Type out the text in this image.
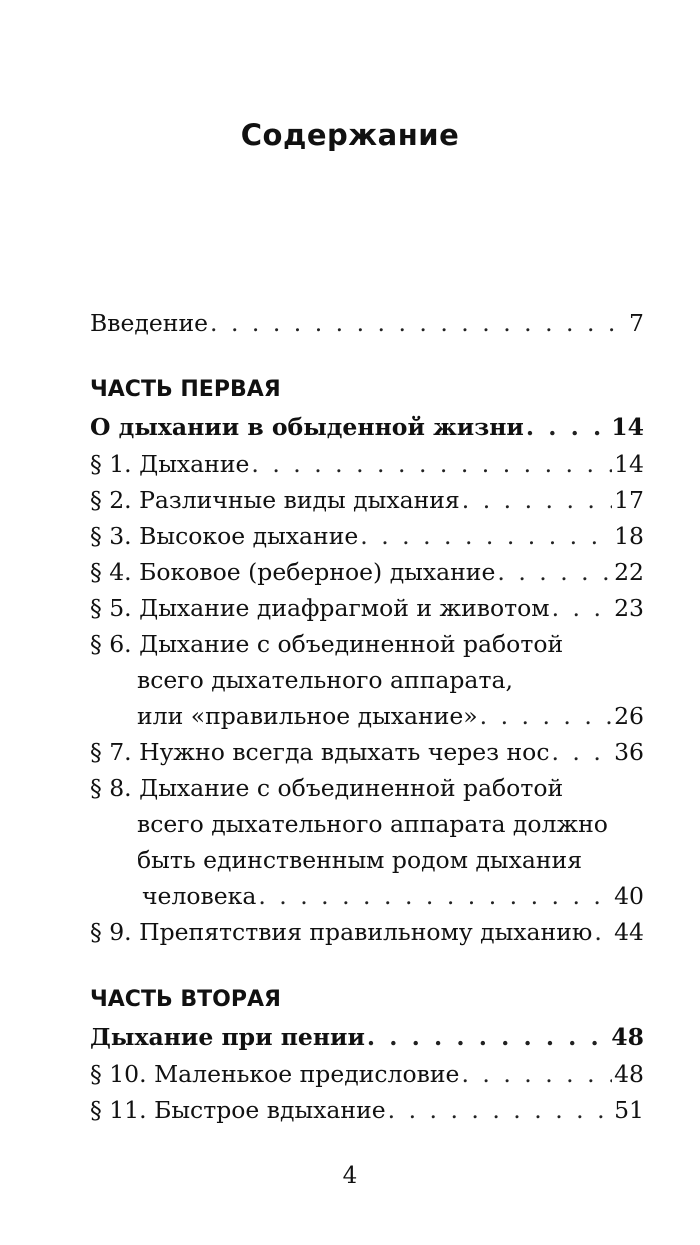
Содержание
Введение . . .	7
ЧАСТЬ ПЕРВАЯ
О дыхании в обыденной жизни . . .	14
§ 1. Дыхание . . .	14
§ 2. Различные виды дыхания . . .	17
§ 3. Высокое дыхание . . .	18
§ 4. Боковое (реберное) дыхание . . .	22
§ 5. Дыхание диафрагмой и животом . . .	23
§ 6. Дыхание с объединенной работой
всего дыхательного аппарата,
или «правильное дыхание» . . .	26
§ 7. Нужно всегда вдыхать через нос . . .	36
§ 8. Дыхание с объединенной работой
всего дыхательного аппарата должно
быть единственным родом дыхания
человека . . .	40
§ 9. Препятствия правильному дыханию . . . 44
ЧАСТЬ ВТОРАЯ
Дыхание при пении . . .	48
§ 10. Маленькое предисловие . . .	48
§ 11. Быстрое вдыхание . . .	51
4
